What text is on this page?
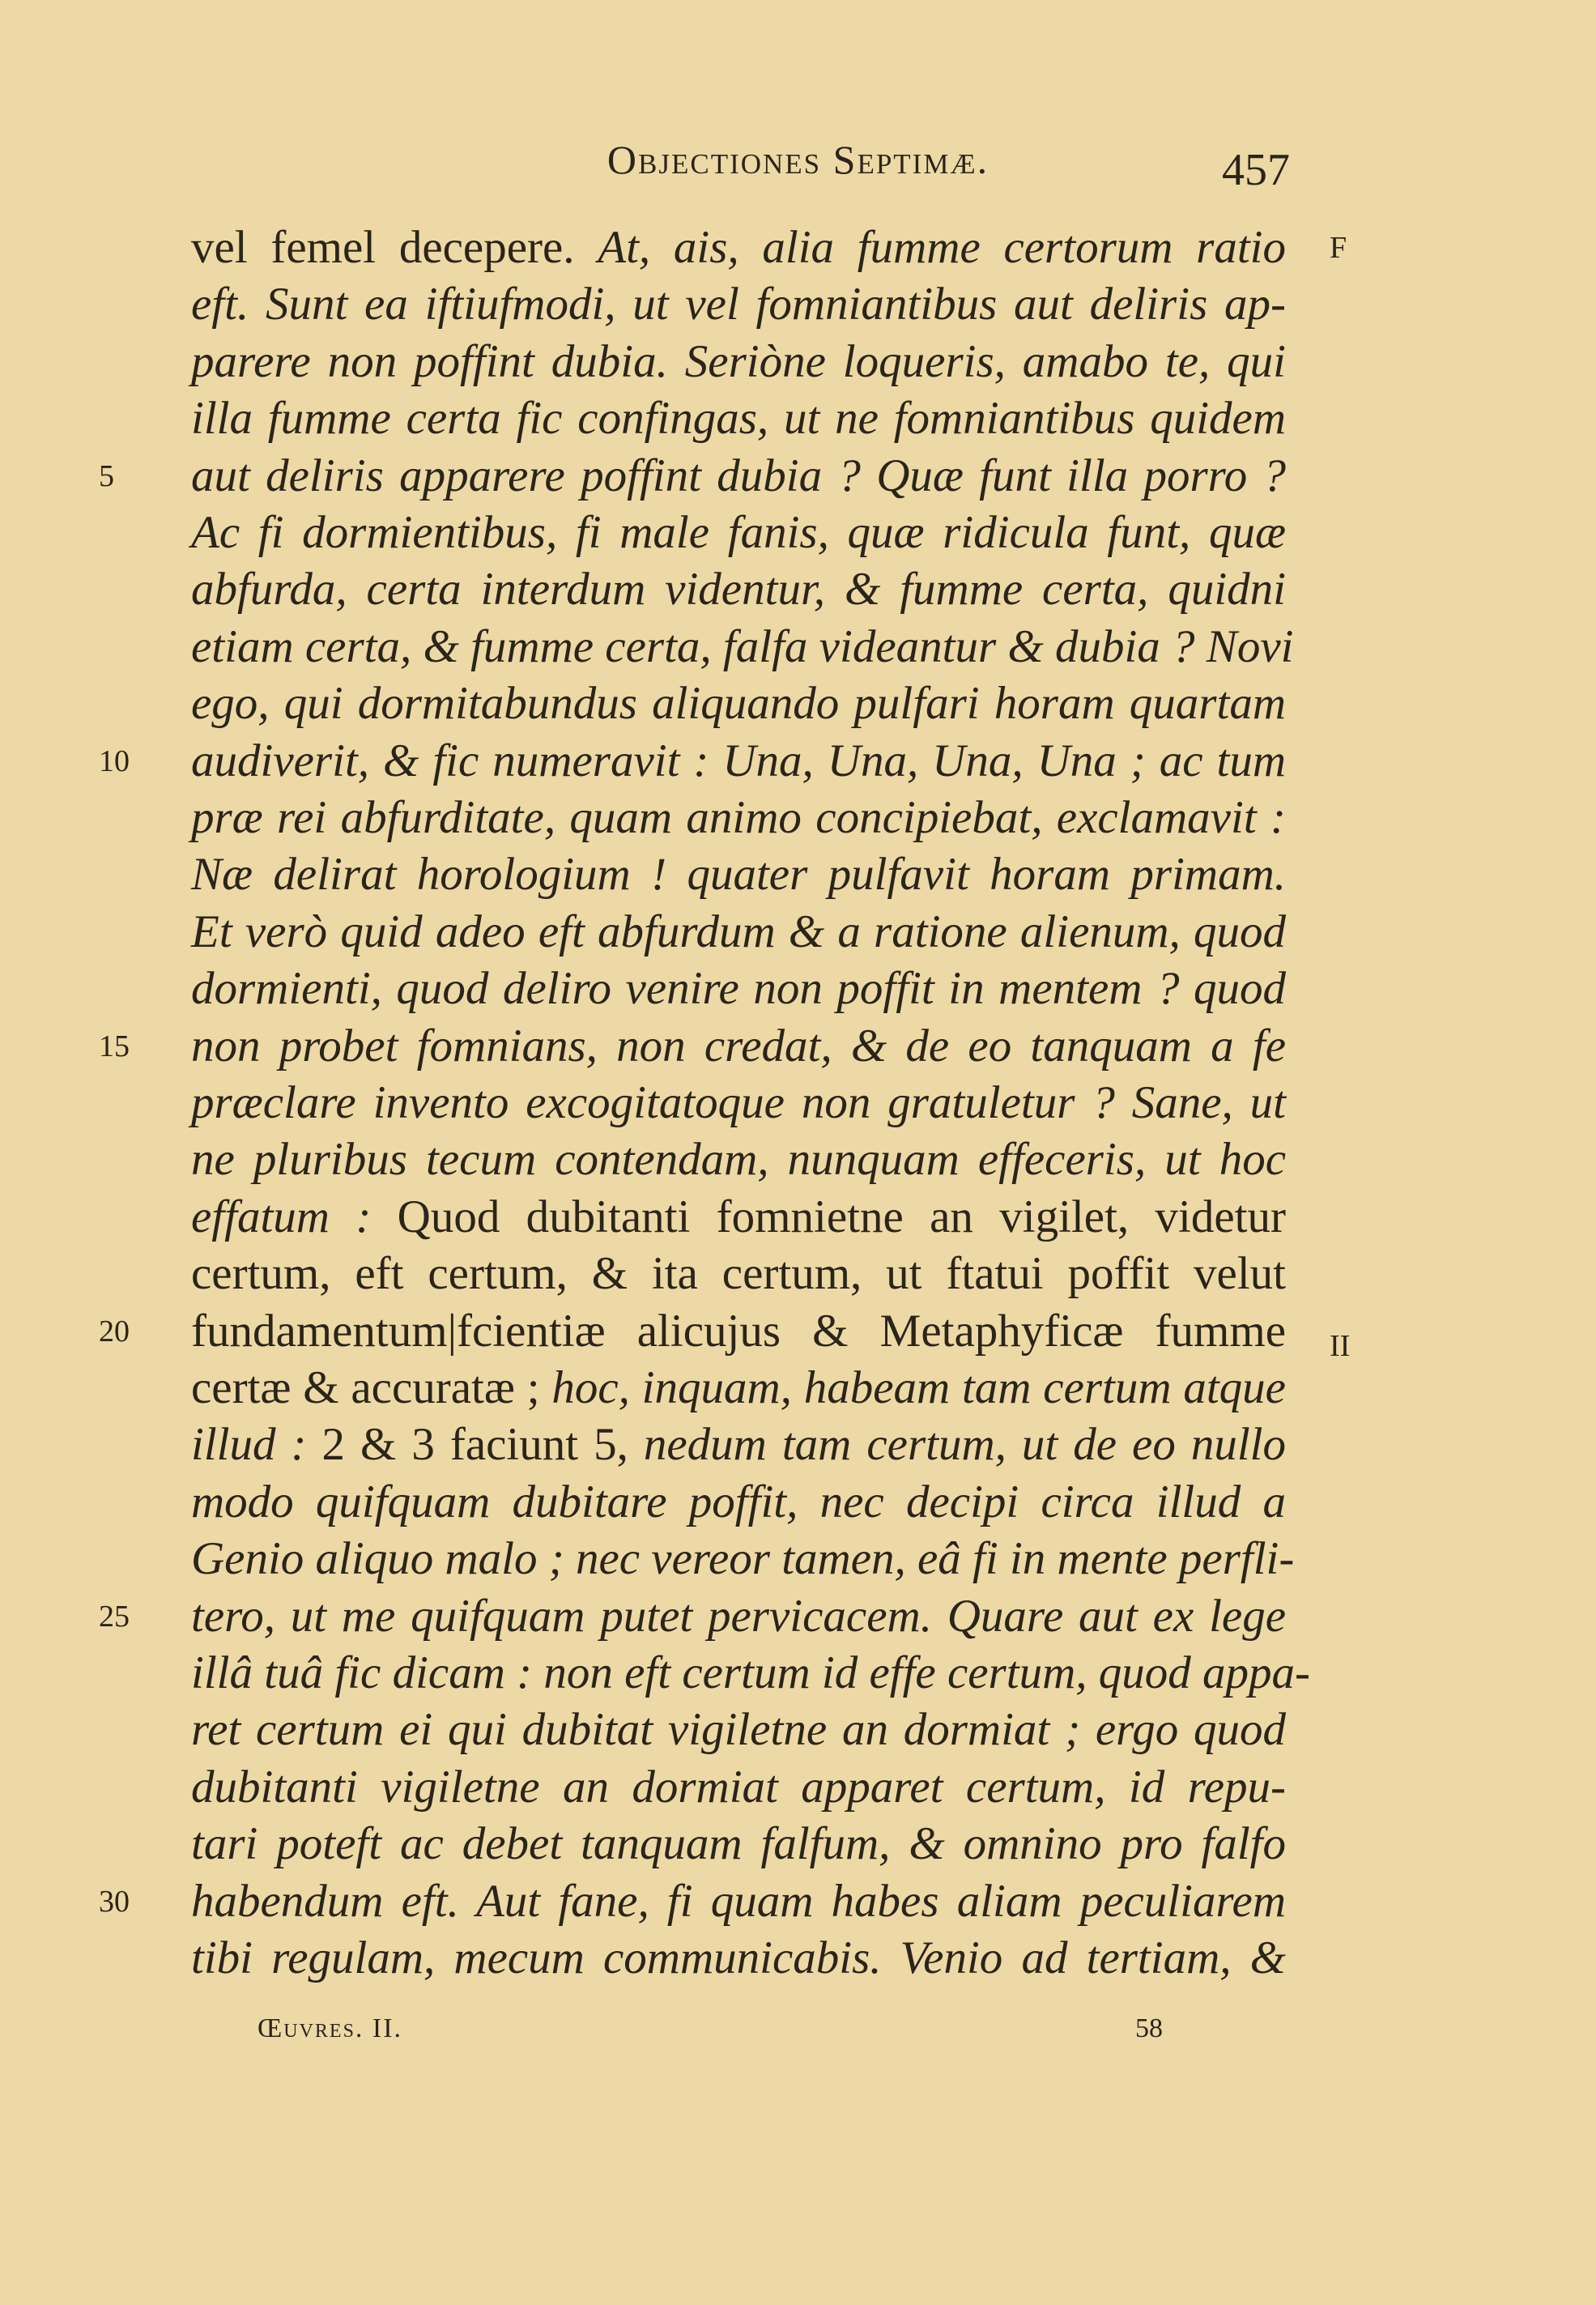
Objectiones Septimæ.	457
F
II
vel femel decepere. At, ais, alia fumme certorum ratio
eft. Sunt ea iftiufmodi, ut vel fomniantibus aut deliris ap-
parere non poffint dubia. Seriòne loqueris, amabo te, qui
illa fumme certa fic confingas, ut ne fomniantibus quidem
aut deliris apparere poffint dubia ? Quæ funt illa porro ?
Ac fi dormientibus, fi male fanis, quæ ridicula funt, quæ
abfurda, certa interdum videntur, & fumme certa, quidni
etiam certa, & fumme certa, falfa videantur & dubia ? Novi
ego, qui dormitabundus aliquando pulfari horam quartam
audiverit, & fic numeravit : Una, Una, Una, Una ; ac tum
præ rei abfurditate, quam animo concipiebat, exclamavit :
Næ delirat horologium ! quater pulfavit horam primam.
Et verò quid adeo eft abfurdum & a ratione alienum, quod
dormienti, quod deliro venire non poffit in mentem ? quod
non probet fomnians, non credat, & de eo tanquam a fe
præclare invento excogitatoque non gratuletur ? Sane, ut
ne pluribus tecum contendam, nunquam effeceris, ut hoc
effatum : Quod dubitanti fomnietne an vigilet, videtur
certum, eft certum, & ita certum, ut ftatui poffit velut
fundamentum|fcientiæ alicujus & Metaphyficæ fumme
certæ & accuratæ ; hoc, inquam, habeam tam certum atque
illud : 2 & 3 faciunt 5, nedum tam certum, ut de eo nullo
modo quifquam dubitare poffit, nec decipi circa illud a
Genio aliquo malo ; nec vereor tamen, eâ fi in mente perfli-
tero, ut me quifquam putet pervicacem. Quare aut ex lege
illâ tuâ fic dicam : non eft certum id effe certum, quod appa-
ret certum ei qui dubitat vigiletne an dormiat ; ergo quod
dubitanti vigiletne an dormiat apparet certum, id repu-
tari poteft ac debet tanquam falfum, & omnino pro falfo
habendum eft. Aut fane, fi quam habes aliam peculiarem
tibi regulam, mecum communicabis. Venio ad tertiam, &
5
10
15
20
25
30
Œuvres. II.	58
